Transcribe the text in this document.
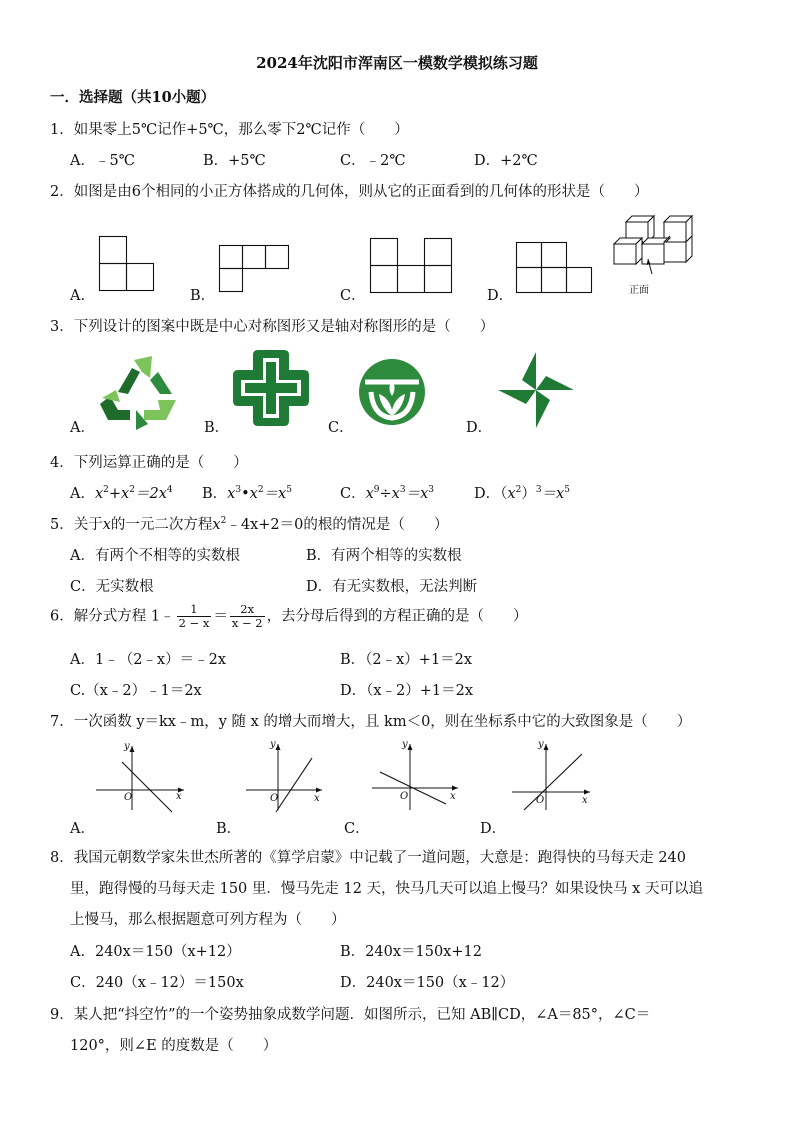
2024年沈阳市浑南区一模数学模拟练习题
一．选择题（共10小题）
1．如果零上5℃记作+5℃，那么零下2℃记作（　　）
A．﹣5℃	B．+5℃	C．﹣2℃	D．+2℃
2．如图是由6个相同的小正方体搭成的几何体，则从它的正面看到的几何体的形状是（　　）
A．	B．	C．	D．	正面
3．下列设计的图案中既是中心对称图形又是轴对称图形的是（　　）
A．	B．	C．	D．
4．下列运算正确的是（　　）
A．$x^2+x^2=2x^4$ B．$x^3•x^2=x^5$	C．$x^9\div x^3=x^3$	D．$(x^2)^3=x^5$
5．关于x的一元二次方程$x^2﹣4x+2=0$的根的情况是（　　）
A．有两个不相等的实数根	B．有两个相等的实数根
C．无实数根	D．有无实数根，无法判断
6．解分式方程 1﹣ $\frac{1}{2 - x} = \frac{2x}{x - 2}$ ，去分母后得到的方程正确的是（　　）
A．1﹣（2﹣x）＝﹣2x	B．（2﹣x）+1＝2x
C.（x﹣2）﹣1＝2x	D．（x﹣2）+1＝2x
7．一次函数 y＝kx﹣m，y 随 x 的增大而增大，且 km＜0，则在坐标系中它的大致图象是（　　）
A．	B．	C．	D．
y
x
O
y
x
O
y
x
O
y
x
O
8．我国元朝数学家朱世杰所著的《算学启蒙》中记载了一道问题，大意是：跑得快的马每天走 240
里，跑得慢的马每天走 150 里．慢马先走 12 天，快马几天可以追上慢马？如果设快马 x 天可以追
上慢马，那么根据题意可列方程为（　　）
A．240x＝150（x+12）	B．240x＝150x+12
C．240（x﹣12）＝150x	D．240x＝150（x﹣12）
9．某人把“抖空竹”的一个姿势抽象成数学问题．如图所示，已知 AB∥CD，∠A＝85°，∠C＝
120°，则∠E 的度数是（　　）
